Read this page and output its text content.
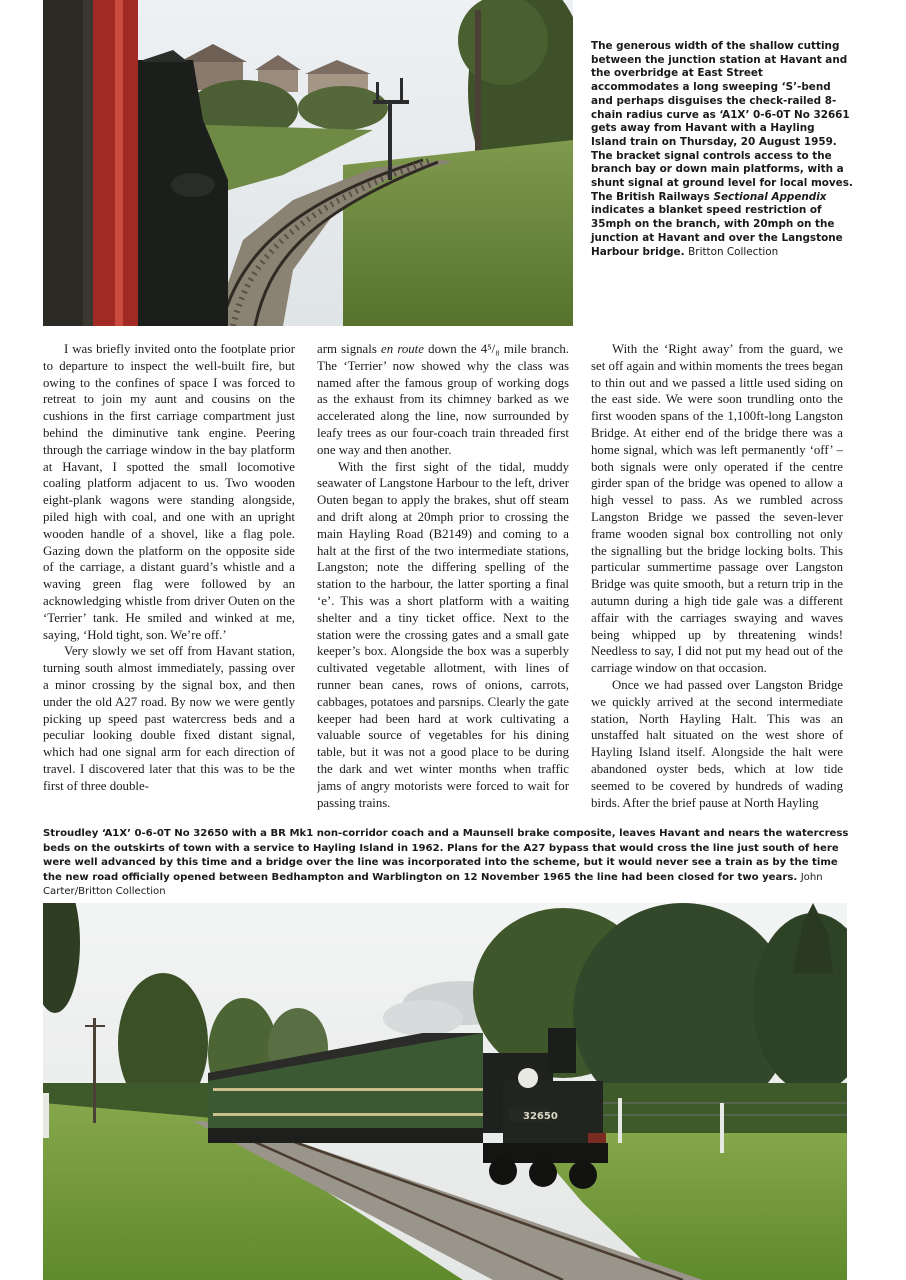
The generous width of the shallow cutting between the junction station at Havant and the overbridge at East Street accommodates a long sweeping ‘S’-bend and perhaps disguises the check-railed 8-chain radius curve as ‘A1X’ 0-6-0T No 32661 gets away from Havant with a Hayling Island train on Thursday, 20 August 1959. The bracket signal controls access to the branch bay or down main platforms, with a shunt signal at ground level for local moves. The British Railways Sectional Appendix indicates a blanket speed restriction of 35mph on the branch, with 20mph on the junction at Havant and over the Langstone Harbour bridge. Britton Collection

I was briefly invited onto the footplate prior to departure to inspect the well-built fire, but owing to the confines of space I was forced to retreat to join my aunt and cousins on the cushions in the first carriage compartment just behind the diminutive tank engine. Peering through the carriage window in the bay platform at Havant, I spotted the small locomotive coaling platform adjacent to us. Two wooden eight-plank wagons were standing alongside, piled high with coal, and one with an upright wooden handle of a shovel, like a flag pole. Gazing down the platform on the opposite side of the carriage, a distant guard’s whistle and a waving green flag were followed by an acknowledging whistle from driver Outen on the ‘Terrier’ tank. He smiled and winked at me, saying, ‘Hold tight, son. We’re off.’

Very slowly we set off from Havant station, turning south almost immediately, passing over a minor crossing by the signal box, and then under the old A27 road. By now we were gently picking up speed past watercress beds and a peculiar looking double fixed distant signal, which had one signal arm for each direction of travel. I discovered later that this was to be the first of three double-

arm signals en route down the 4⁵/₈ mile branch. The ‘Terrier’ now showed why the class was named after the famous group of working dogs as the exhaust from its chimney barked as we accelerated along the line, now surrounded by leafy trees as our four-coach train threaded first one way and then another.

With the first sight of the tidal, muddy seawater of Langstone Harbour to the left, driver Outen began to apply the brakes, shut off steam and drift along at 20mph prior to crossing the main Hayling Road (B2149) and coming to a halt at the first of the two intermediate stations, Langston; note the differing spelling of the station to the harbour, the latter sporting a final ‘e’. This was a short platform with a waiting shelter and a tiny ticket office. Next to the station were the crossing gates and a small gate keeper’s box. Alongside the box was a superbly cultivated vegetable allotment, with lines of runner bean canes, rows of onions, carrots, cabbages, potatoes and parsnips. Clearly the gate keeper had been hard at work cultivating a valuable source of vegetables for his dining table, but it was not a good place to be during the dark and wet winter months when traffic jams of angry motorists were forced to wait for passing trains.

With the ‘Right away’ from the guard, we set off again and within moments the trees began to thin out and we passed a little used siding on the east side. We were soon trundling onto the first wooden spans of the 1,100ft-long Langston Bridge. At either end of the bridge there was a home signal, which was left permanently ‘off’ – both signals were only operated if the centre girder span of the bridge was opened to allow a high vessel to pass. As we rumbled across Langston Bridge we passed the seven-lever frame wooden signal box controlling not only the signalling but the bridge locking bolts. This particular summertime passage over Langston Bridge was quite smooth, but a return trip in the autumn during a high tide gale was a different affair with the carriages swaying and waves being whipped up by threatening winds! Needless to say, I did not put my head out of the carriage window on that occasion.

Once we had passed over Langston Bridge we quickly arrived at the second intermediate station, North Hayling Halt. This was an unstaffed halt situated on the west shore of Hayling Island itself. Alongside the halt were abandoned oyster beds, which at low tide seemed to be covered by hundreds of wading birds. After the brief pause at North Hayling

Stroudley ‘A1X’ 0-6-0T No 32650 with a BR Mk1 non-corridor coach and a Maunsell brake composite, leaves Havant and nears the watercress beds on the outskirts of town with a service to Hayling Island in 1962. Plans for the A27 bypass that would cross the line just south of here were well advanced by this time and a bridge over the line was incorporated into the scheme, but it would never see a train as by the time the new road officially opened between Bedhampton and Warblington on 12 November 1965 the line had been closed for two years. John Carter/Britton Collection
32650
